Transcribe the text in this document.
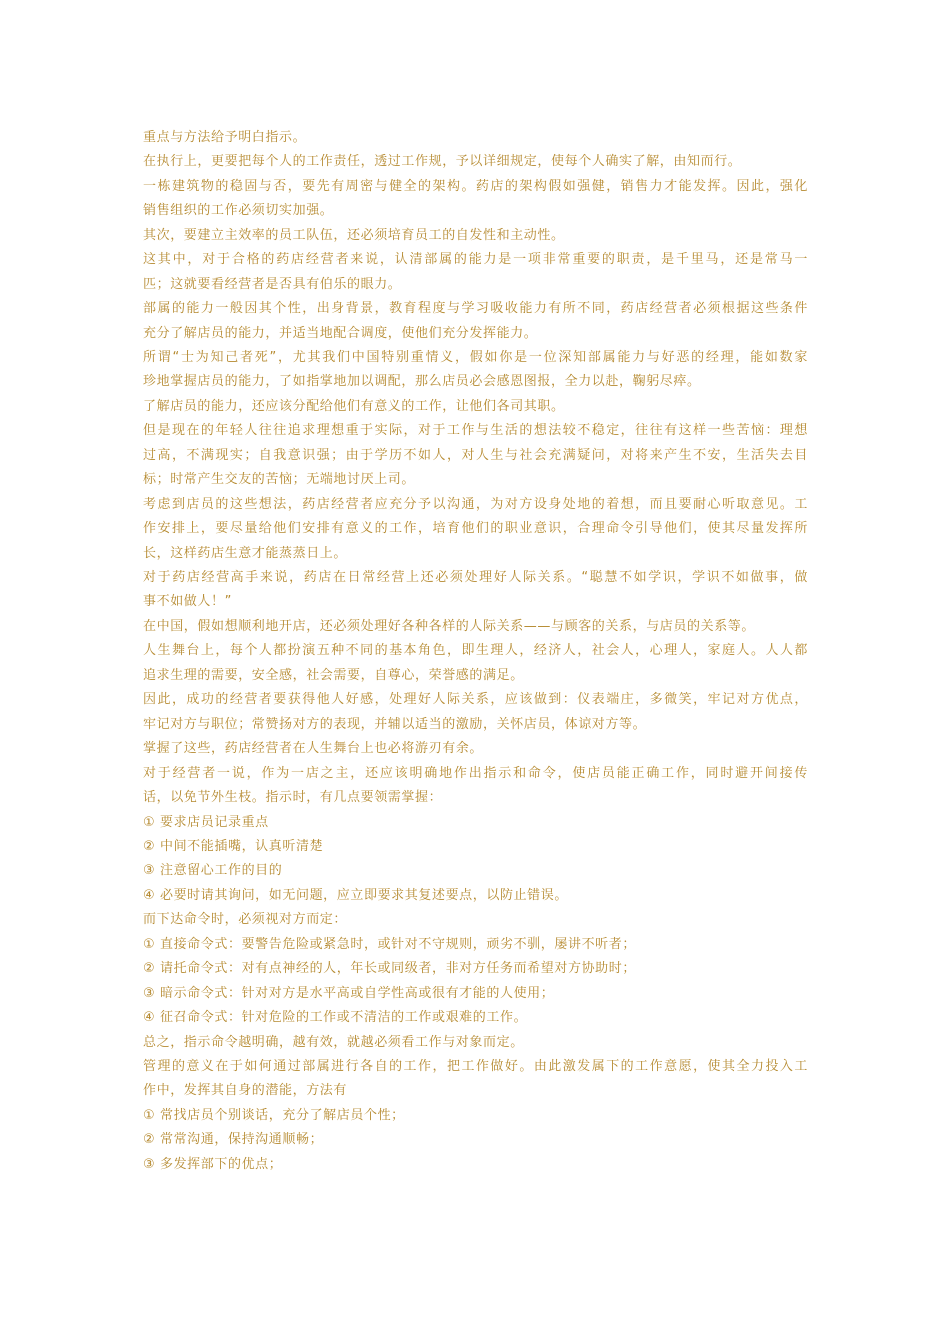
重点与方法给予明白指示。
在执行上，更要把每个人的工作责任，透过工作规，予以详细规定，使每个人确实了解，由知而行。
一栋建筑物的稳固与否，要先有周密与健全的架构。药店的架构假如强健，销售力才能发挥。因此，强化
销售组织的工作必须切实加强。
其次，要建立主效率的员工队伍，还必须培育员工的自发性和主动性。
这其中，对于合格的药店经营者来说，认清部属的能力是一项非常重要的职责，是千里马，还是常马一
匹；这就要看经营者是否具有伯乐的眼力。
部属的能力一般因其个性，出身背景，教育程度与学习吸收能力有所不同，药店经营者必须根据这些条件
充分了解店员的能力，并适当地配合调度，使他们充分发挥能力。
所谓“士为知己者死”，尤其我们中国特别重情义，假如你是一位深知部属能力与好恶的经理，能如数家
珍地掌握店员的能力，了如指掌地加以调配，那么店员必会感恩图报，全力以赴，鞠躬尽瘁。
了解店员的能力，还应该分配给他们有意义的工作，让他们各司其职。
但是现在的年轻人往往追求理想重于实际，对于工作与生活的想法较不稳定，往往有这样一些苦恼：理想
过高，不满现实；自我意识强；由于学历不如人，对人生与社会充满疑问，对将来产生不安，生活失去目
标；时常产生交友的苦恼；无端地讨厌上司。
考虑到店员的这些想法，药店经营者应充分予以沟通，为对方设身处地的着想，而且要耐心听取意见。工
作安排上，要尽量给他们安排有意义的工作，培育他们的职业意识，合理命令引导他们，使其尽量发挥所
长，这样药店生意才能蒸蒸日上。
对于药店经营高手来说，药店在日常经营上还必须处理好人际关系。“聪慧不如学识，学识不如做事，做
事不如做人！”
在中国，假如想顺利地开店，还必须处理好各种各样的人际关系——与顾客的关系，与店员的关系等。
人生舞台上，每个人都扮演五种不同的基本角色，即生理人，经济人，社会人，心理人，家庭人。人人都
追求生理的需要，安全感，社会需要，自尊心，荣誉感的满足。
因此，成功的经营者要获得他人好感，处理好人际关系，应该做到：仪表端庄，多微笑，牢记对方优点，
牢记对方与职位；常赞扬对方的表现，并辅以适当的激励，关怀店员，体谅对方等。
掌握了这些，药店经营者在人生舞台上也必将游刃有余。
对于经营者一说，作为一店之主，还应该明确地作出指示和命令，使店员能正确工作，同时避开间接传
话，以免节外生枝。指示时，有几点要领需掌握：
① 要求店员记录重点
② 中间不能插嘴，认真听清楚
③ 注意留心工作的目的
④ 必要时请其询问，如无问题，应立即要求其复述要点，以防止错误。
而下达命令时，必须视对方而定：
① 直接命令式：要警告危险或紧急时，或针对不守规则，顽劣不驯，屡讲不听者；
② 请托命令式：对有点神经的人，年长或同级者，非对方任务而希望对方协助时；
③ 暗示命令式：针对对方是水平高或自学性高或很有才能的人使用；
④ 征召命令式：针对危险的工作或不清洁的工作或艰难的工作。
总之，指示命令越明确，越有效，就越必须看工作与对象而定。
管理的意义在于如何通过部属进行各自的工作，把工作做好。由此激发属下的工作意愿，使其全力投入工
作中，发挥其自身的潜能，方法有
① 常找店员个别谈话，充分了解店员个性；
② 常常沟通，保持沟通顺畅；
③ 多发挥部下的优点；
